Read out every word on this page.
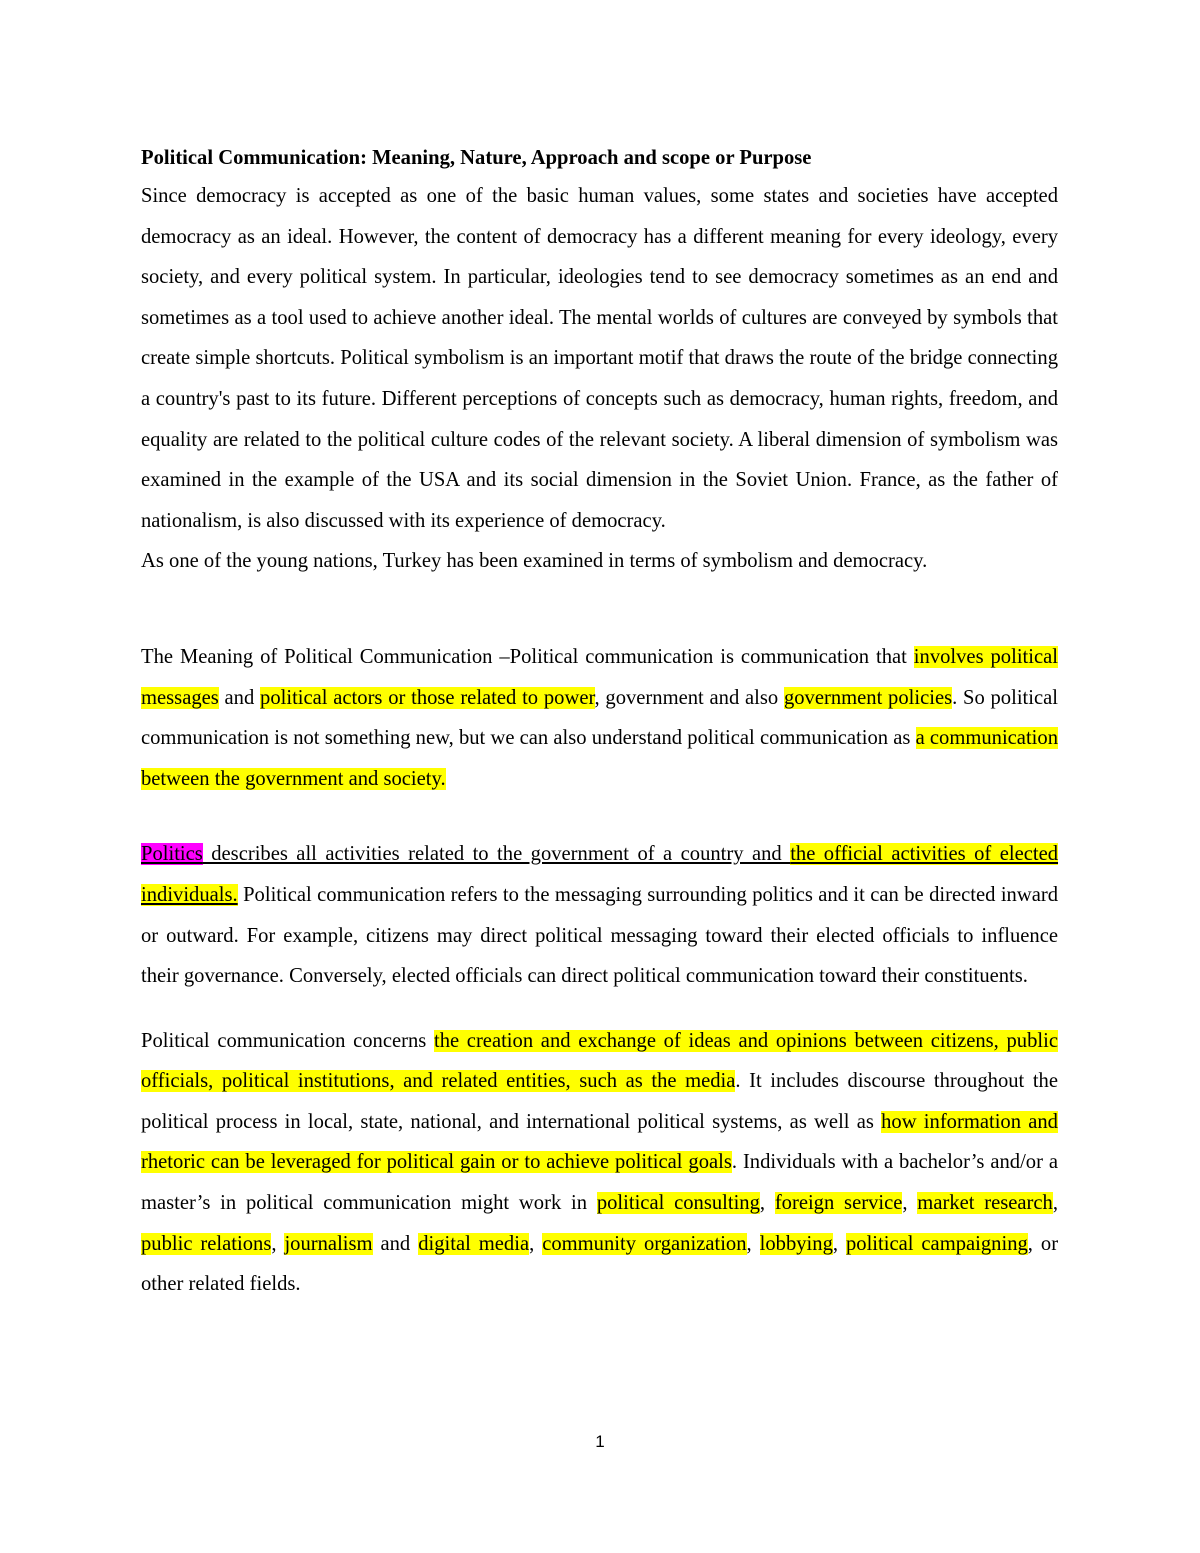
Political Communication: Meaning, Nature, Approach and scope or Purpose

Since democracy is accepted as one of the basic human values, some states and societies have accepted democracy as an ideal. However, the content of democracy has a different meaning for every ideology, every society, and every political system. In particular, ideologies tend to see democracy sometimes as an end and sometimes as a tool used to achieve another ideal. The mental worlds of cultures are conveyed by symbols that create simple shortcuts. Political symbolism is an important motif that draws the route of the bridge connecting a country's past to its future. Different perceptions of concepts such as democracy, human rights, freedom, and equality are related to the political culture codes of the relevant society. A liberal dimension of symbolism was examined in the example of the USA and its social dimension in the Soviet Union. France, as the father of nationalism, is also discussed with its experience of democracy.
As one of the young nations, Turkey has been examined in terms of symbolism and democracy.

The Meaning of Political Communication –Political communication is communication that involves political messages and political actors or those related to power, government and also government policies. So political communication is not something new, but we can also understand political communication as a communication between the government and society.

Politics describes all activities related to the government of a country and the official activities of elected individuals. Political communication refers to the messaging surrounding politics and it can be directed inward or outward. For example, citizens may direct political messaging toward their elected officials to influence their governance. Conversely, elected officials can direct political communication toward their constituents.

Political communication concerns the creation and exchange of ideas and opinions between citizens, public officials, political institutions, and related entities, such as the media. It includes discourse throughout the political process in local, state, national, and international political systems, as well as how information and rhetoric can be leveraged for political gain or to achieve political goals. Individuals with a bachelor’s and/or a master’s in political communication might work in political consulting, foreign service, market research, public relations, journalism and digital media, community organization, lobbying, political campaigning, or other related fields.

1
